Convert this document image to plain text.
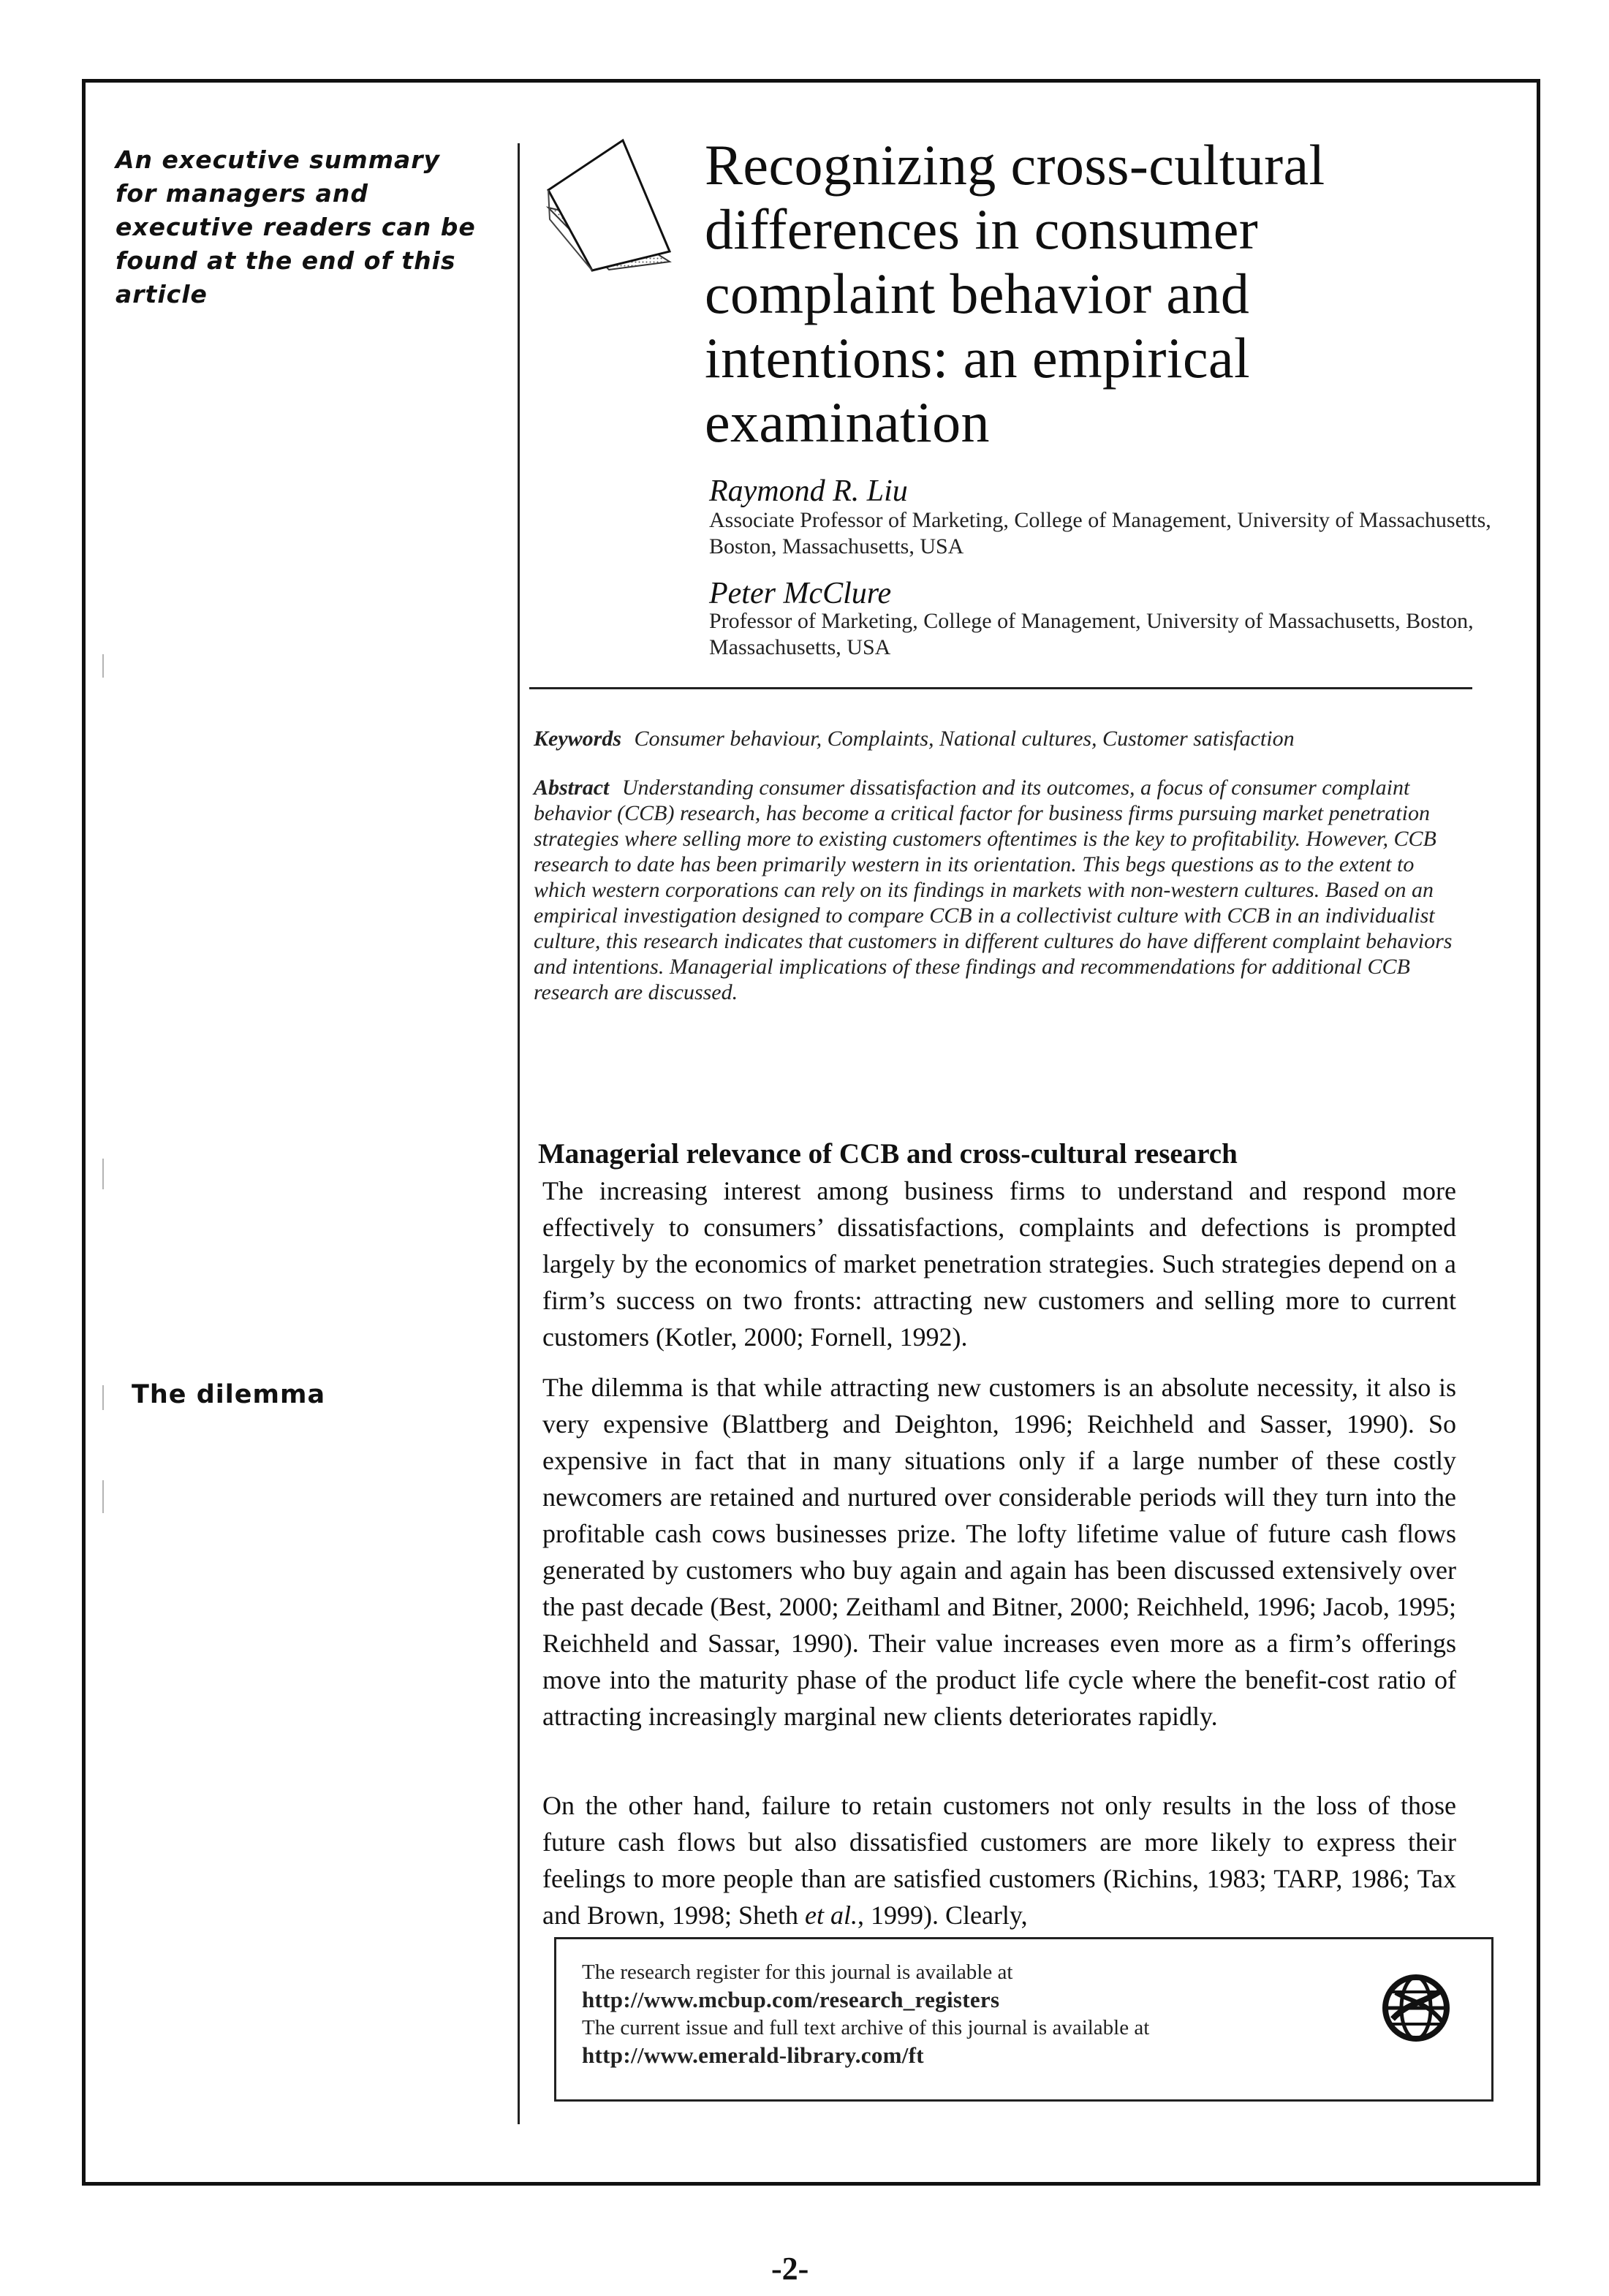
An executive summary for managers and executive readers can be found at the end of this article
Recognizing cross-cultural differences in consumer complaint behavior and intentions: an empirical examination
Raymond R. Liu
Associate Professor of Marketing, College of Management, University of Massachusetts, Boston, Massachusetts, USA
Peter McClure
Professor of Marketing, College of Management, University of Massachusetts, Boston, Massachusetts, USA
Keywords Consumer behaviour, Complaints, National cultures, Customer satisfaction
Abstract Understanding consumer dissatisfaction and its outcomes, a focus of consumer complaint behavior (CCB) research, has become a critical factor for business firms pursuing market penetration strategies where selling more to existing customers oftentimes is the key to profitability. However, CCB research to date has been primarily western in its orientation. This begs questions as to the extent to which western corporations can rely on its findings in markets with non-western cultures. Based on an empirical investigation designed to compare CCB in a collectivist culture with CCB in an individualist culture, this research indicates that customers in different cultures do have different complaint behaviors and intentions. Managerial implications of these findings and recommendations for additional CCB research are discussed.
Managerial relevance of CCB and cross-cultural research

The increasing interest among business firms to understand and respond more effectively to consumers’ dissatisfactions, complaints and defections is prompted largely by the economics of market penetration strategies. Such strategies depend on a firm’s success on two fronts: attracting new customers and selling more to current customers (Kotler, 2000; Fornell, 1992).

The dilemma	The dilemma is that while attracting new customers is an absolute necessity, it also is very expensive (Blattberg and Deighton, 1996; Reichheld and Sasser, 1990). So expensive in fact that in many situations only if a large number of these costly newcomers are retained and nurtured over considerable periods will they turn into the profitable cash cows businesses prize. The lofty lifetime value of future cash flows generated by customers who buy again and again has been discussed extensively over the past decade (Best, 2000; Zeithaml and Bitner, 2000; Reichheld, 1996; Jacob, 1995; Reichheld and Sassar, 1990). Their value increases even more as a firm’s offerings move into the maturity phase of the product life cycle where the benefit-cost ratio of attracting increasingly marginal new clients deteriorates rapidly.

On the other hand, failure to retain customers not only results in the loss of those future cash flows but also dissatisfied customers are more likely to express their feelings to more people than are satisfied customers (Richins, 1983; TARP, 1986; Tax and Brown, 1998; Sheth et al., 1999). Clearly,

The research register for this journal is available at
http://www.mcbup.com/research_registers
The current issue and full text archive of this journal is available at
http://www.emerald-library.com/ft
-2-
